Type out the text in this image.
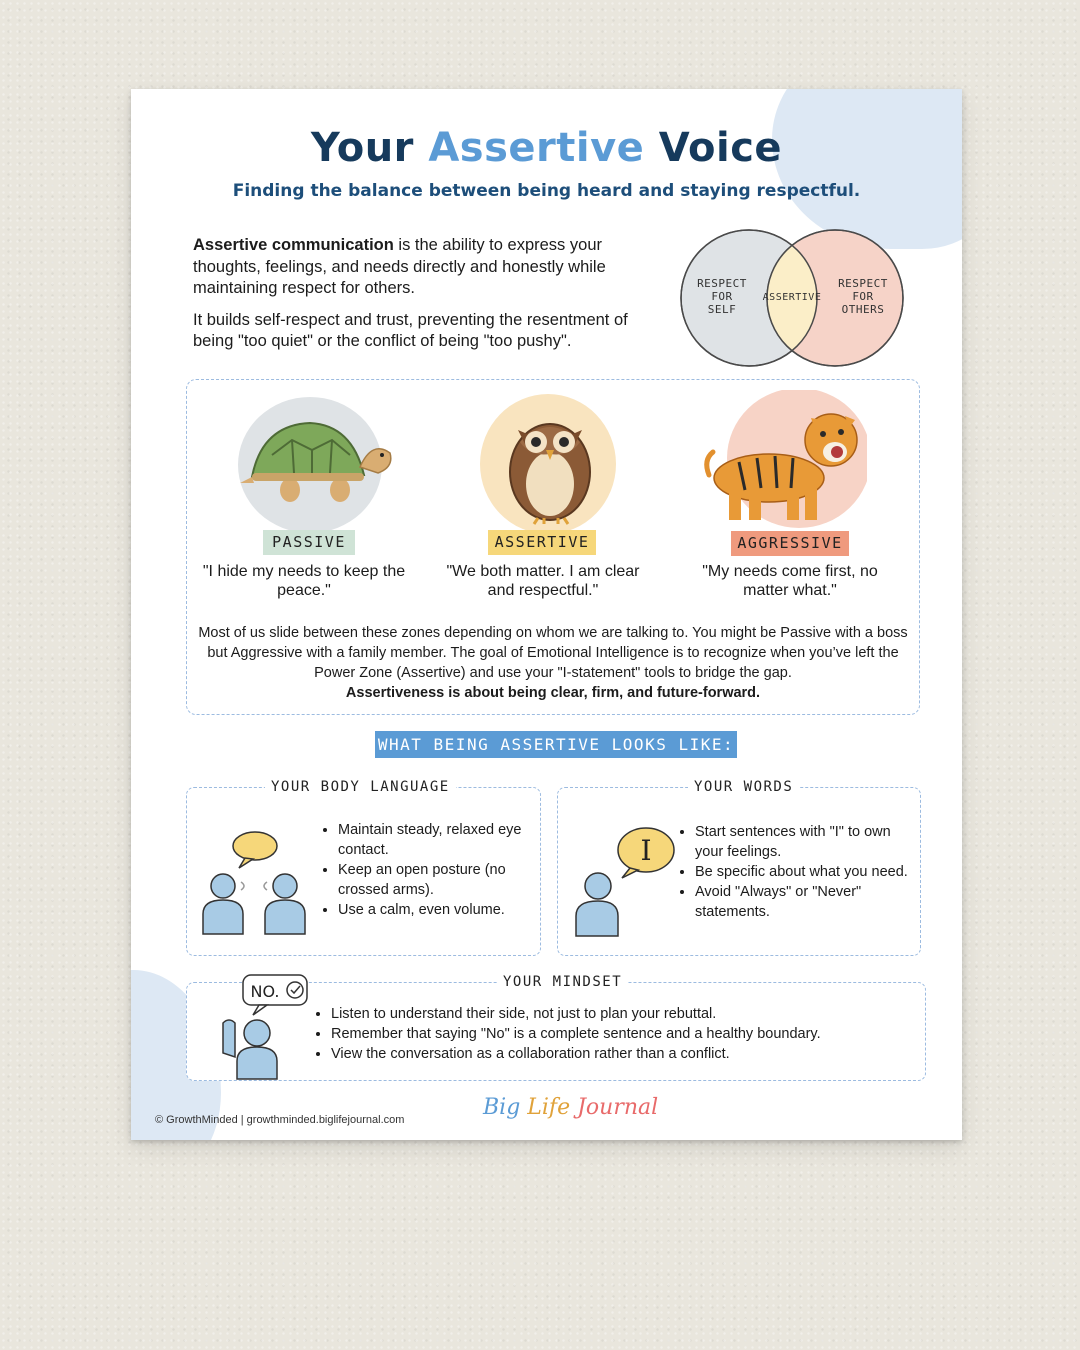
Your Assertive Voice
Finding the balance between being heard and staying respectful.

Assertive communication is the ability to express your thoughts, feelings, and needs directly and honestly while maintaining respect for others.

It builds self-respect and trust, preventing the resentment of being "too quiet" or the conflict of being "too pushy".

RESPECT
FOR
SELF
ASSERTIVE
RESPECT
FOR
OTHERS
PASSIVE
"I hide my needs to keep the peace."
ASSERTIVE
"We both matter. I am clear and respectful."
AGGRESSIVE
"My needs come first, no matter what."
Most of us slide between these zones depending on whom we are talking to. You might be Passive with a boss but Aggressive with a family member. The goal of Emotional Intelligence is to recognize when you’ve left the Power Zone (Assertive) and use your "I-statement" tools to bridge the gap.
Assertiveness is about being clear, firm, and future-forward.
WHAT BEING ASSERTIVE LOOKS LIKE:
YOUR BODY LANGUAGE
• Maintain steady, relaxed eye contact.
• Keep an open posture (no crossed arms).
• Use a calm, even volume.
YOUR WORDS
I
• Start sentences with "I" to own your feelings.
• Be specific about what you need.
• Avoid "Always" or "Never" statements.
YOUR MINDSET
NO.
• Listen to understand their side, not just to plan your rebuttal.
• Remember that saying "No" is a complete sentence and a healthy boundary.
• View the conversation as a collaboration rather than a conflict.
© GrowthMinded | growthminded.biglifejournal.com	Big Life Journal
